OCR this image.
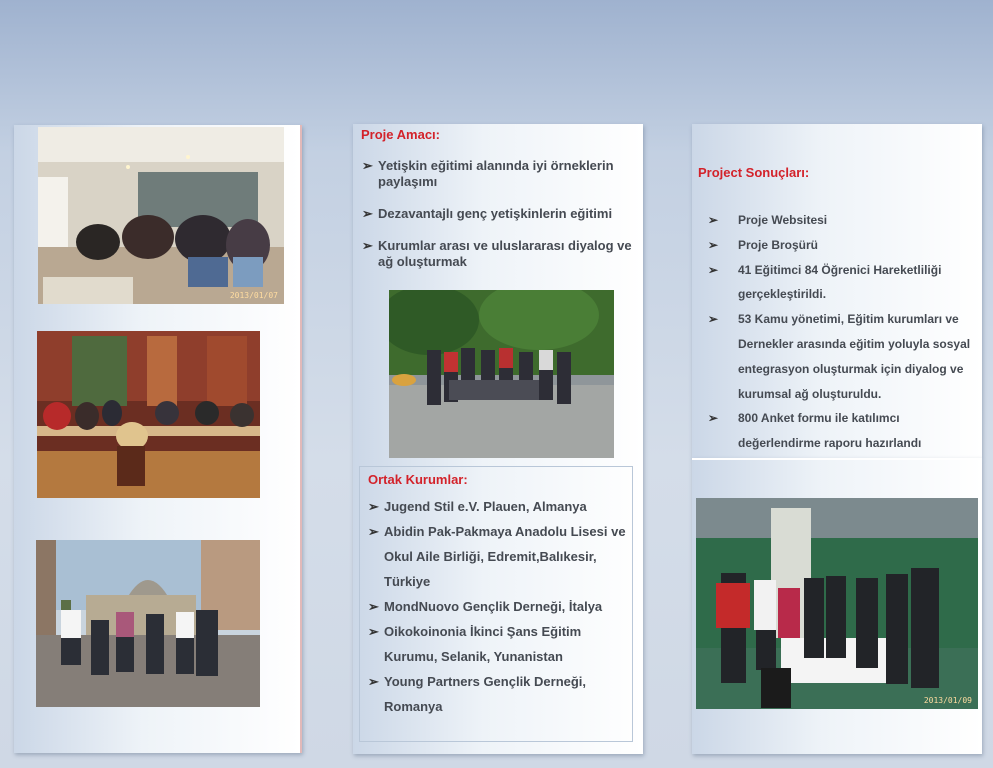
2013/01/07
Proje Amacı:
➢ Yetişkin eğitimi alanında iyi örneklerin paylaşımı
➢ Dezavantajlı genç yetişkinlerin eğitimi
➢ Kurumlar arası ve uluslararası diyalog ve ağ oluşturmak
Ortak Kurumlar:
➢ Jugend Stil e.V. Plauen, Almanya
➢ Abidin Pak-Pakmaya Anadolu Lisesi ve Okul Aile Birliği, Edremit,Balıkesir, Türkiye
➢ MondNuovo Gençlik Derneği, İtalya
➢ Oikokoinonia İkinci Şans Eğitim Kurumu, Selanik, Yunanistan
➢ Young Partners Gençlik Derneği, Romanya
Project Sonuçları:
➢ Proje Websitesi
➢ Proje Broşürü
➢ 41 Eğitimci 84 Öğrenici Hareketliliği gerçekleştirildi.
➢ 53 Kamu yönetimi, Eğitim kurumları ve Dernekler arasında eğitim yoluyla sosyal entegrasyon oluşturmak için diyalog ve kurumsal ağ oluşturuldu.
➢ 800 Anket formu ile katılımcı değerlendirme raporu hazırlandı
2013/01/09
